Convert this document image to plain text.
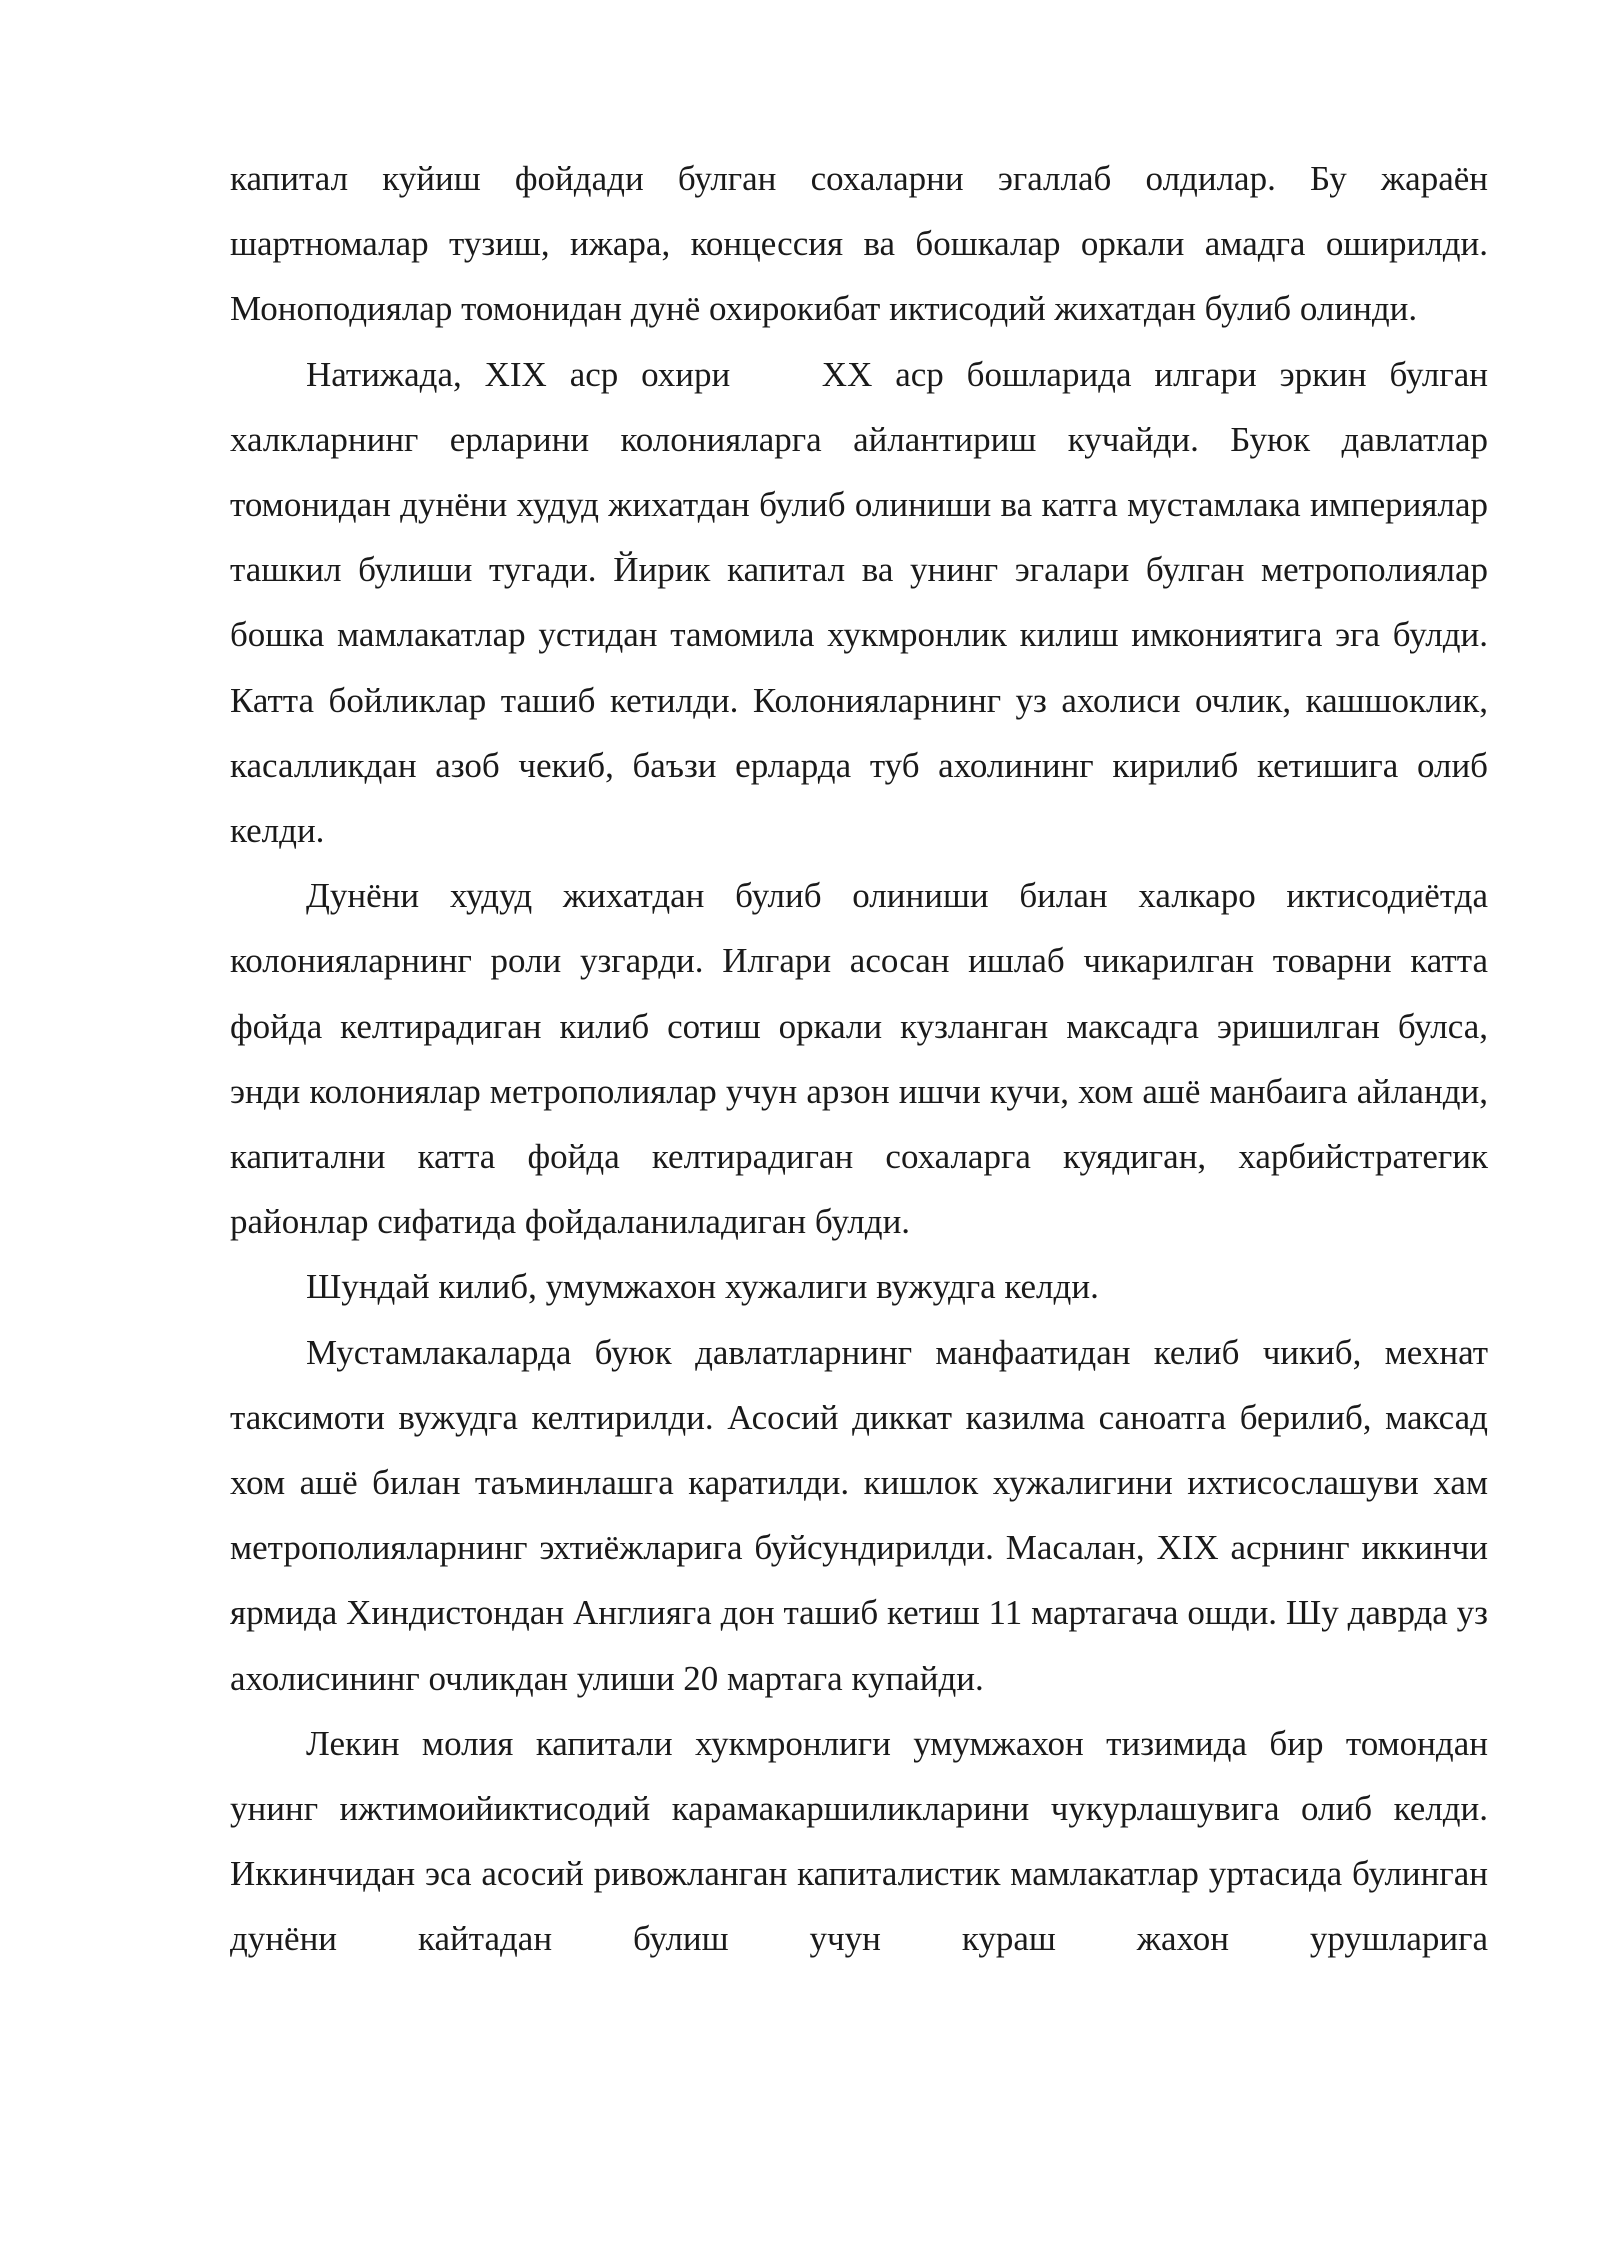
капитал куйиш фойдади булган сохаларни эгаллаб олдилар. Бу жараён шартномалар тузиш, ижара, концессия ва бошкалар оркали амадга оширилди. Моноподиялар томонидан дунё охирокибат иктисодий жихатдан булиб олинди.

Натижада, XIX аср охири    XX аср бошларида илгари эркин булган халкларнинг ерларини колонияларга айлантириш кучайди. Буюк давлатлар томонидан дунёни худуд жихатдан булиб олиниши ва катга мустамлака империялар ташкил булиши тугади. Йирик капитал ва унинг эгалари булган метрополиялар бошка мамлакатлар устидан тамомила хукмронлик килиш имкониятига эга булди. Катта бойликлар ташиб кетилди. Колонияларнинг уз ахолиси очлик, кашшоклик, касалликдан азоб чекиб, баъзи ерларда туб ахолининг кирилиб кетишига олиб келди.

Дунёни худуд жихатдан булиб олиниши билан халкаро иктисодиётда колонияларнинг роли узгарди. Илгари асосан ишлаб чикарилган товарни катта фойда келтирадиган килиб сотиш оркали кузланган максадга эришилган булса, энди колониялар метрополиялар учун арзон ишчи кучи, хом ашё манбаига айланди, капитални катта фойда келтирадиган сохаларга куядиган, харбийстратегик районлар сифатида фойдаланиладиган булди.

Шундай килиб, умумжахон хужалиги вужудга келди.

Мустамлакаларда буюк давлатларнинг манфаатидан келиб чикиб, мехнат таксимоти вужудга келтирилди. Асосий диккат казилма саноатга берилиб, максад хом ашё билан таъминлашга каратилди. кишлок хужалигини ихтисослашуви хам метрополияларнинг эхтиёжларига буйсундирилди. Масалан, XIX асрнинг иккинчи ярмида Хиндистондан Англияга дон ташиб кетиш 11 мартагача ошди. Шу даврда уз ахолисининг очликдан улиши 20 мартага купайди.

Лекин молия капитали хукмронлиги умумжахон тизимида бир томондан унинг ижтимоийиктисодий карамакаршиликларини чукурлашувига олиб келди. Иккинчидан эса асосий ривожланган капиталистик мамлакатлар уртасида булинган дунёни кайтадан булиш учун кураш жахон урушларига
